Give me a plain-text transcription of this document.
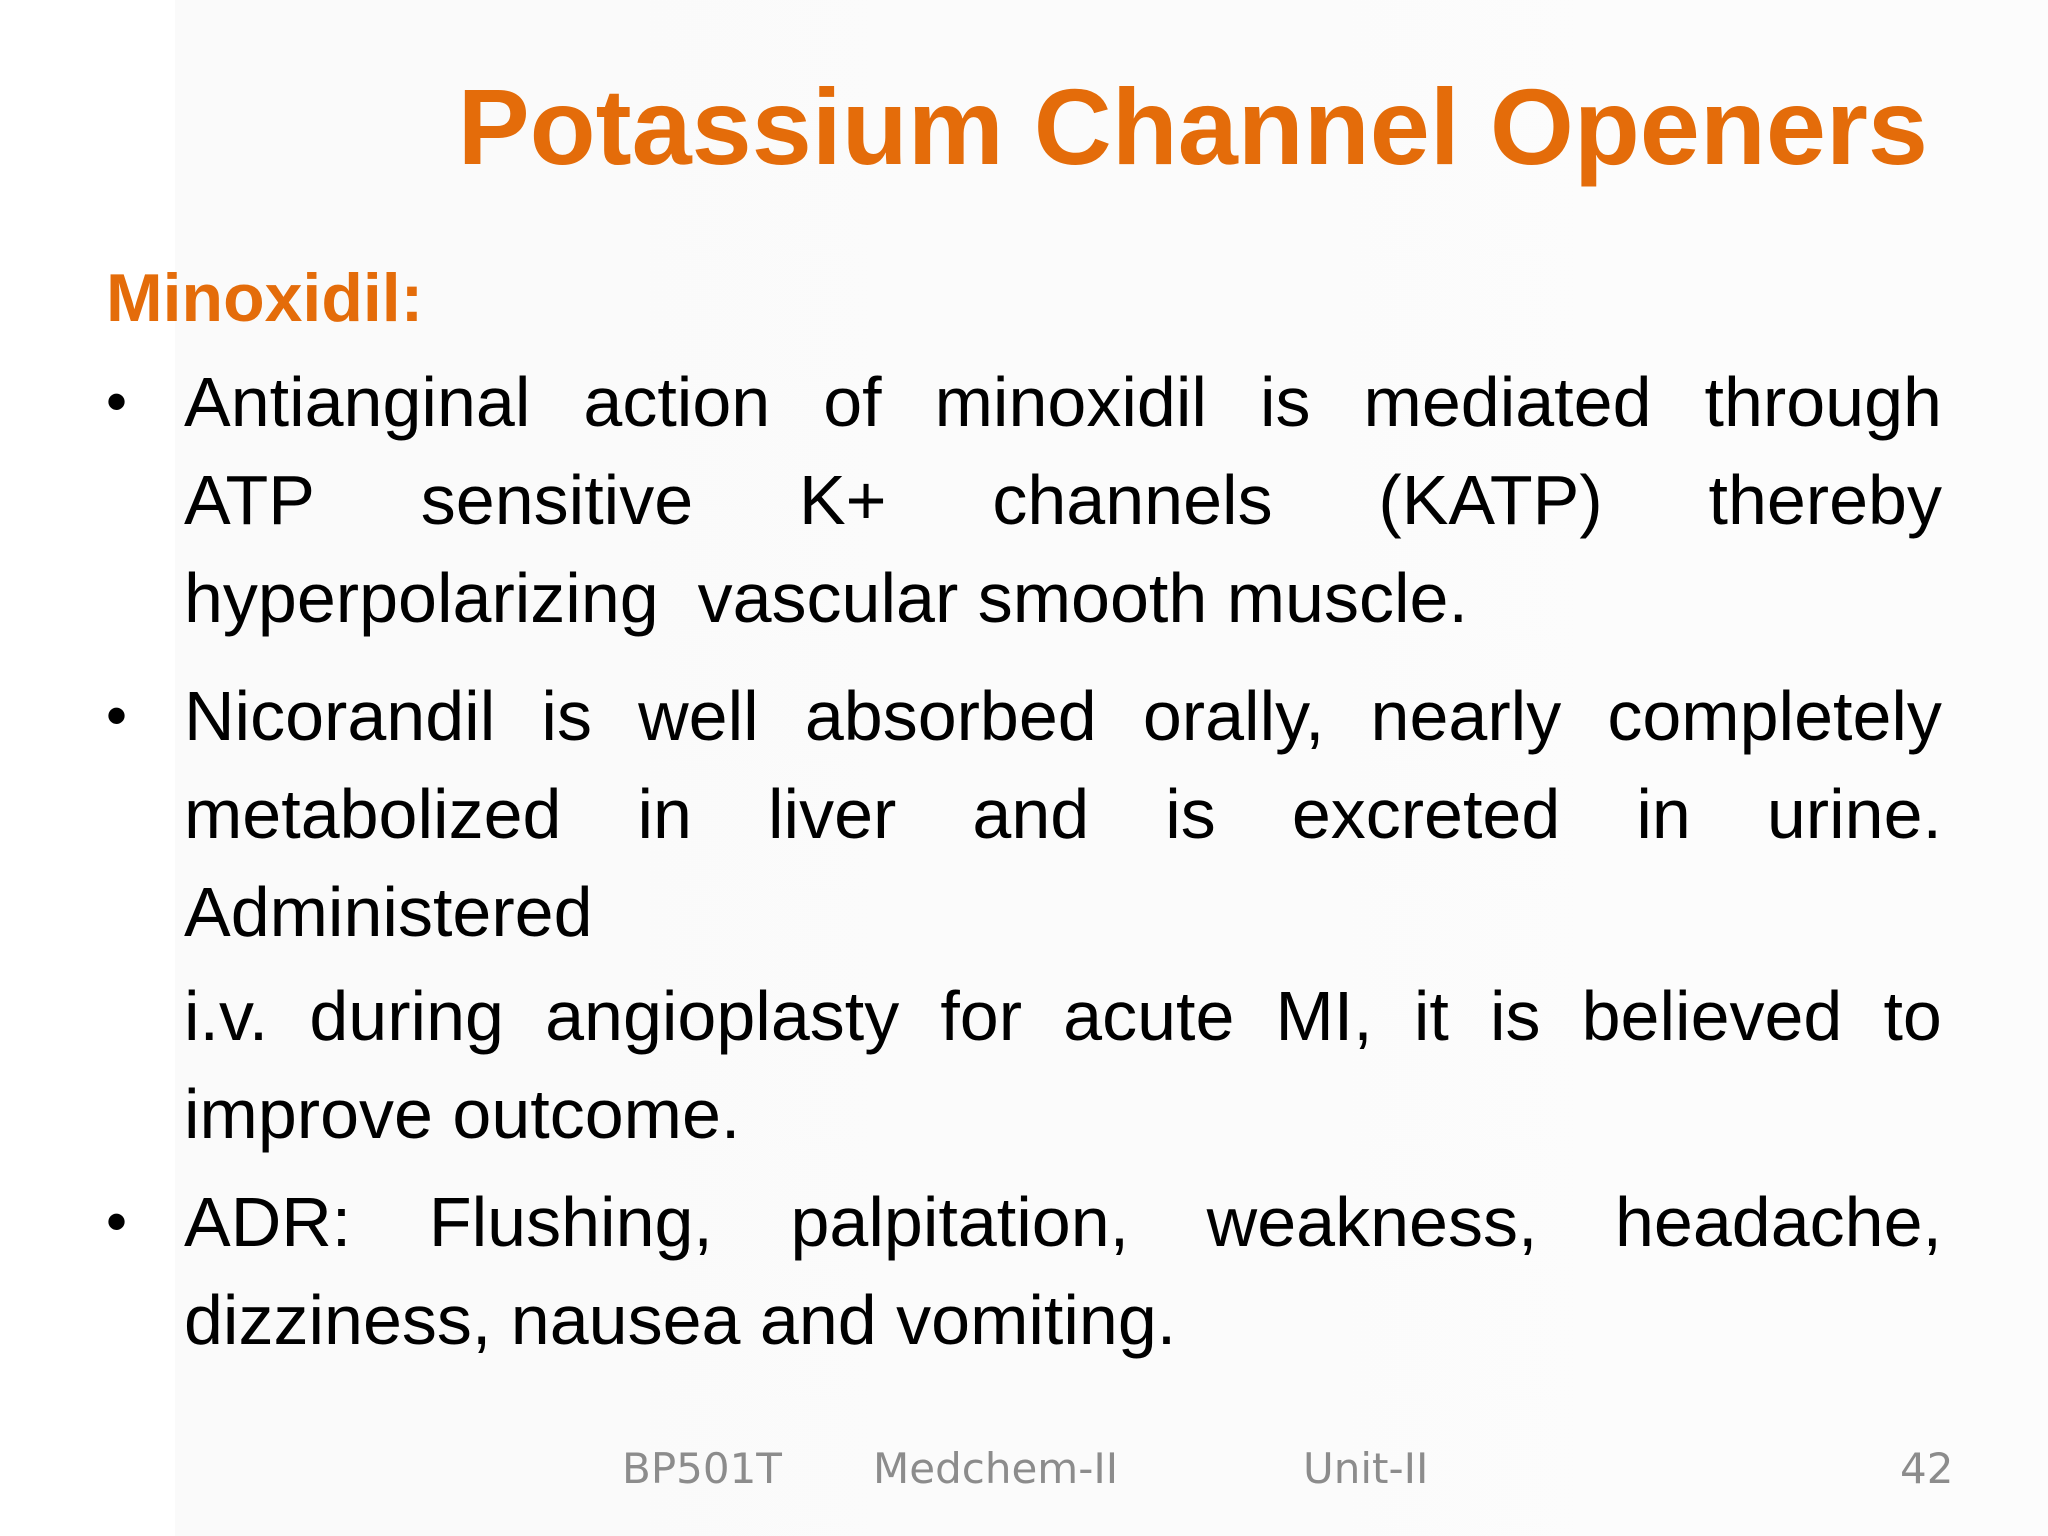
Potassium Channel Openers
Minoxidil:
• Antianginal action of minoxidil is mediated through
ATP sensitive K+ channels (KATP) thereby
hyperpolarizing  vascular smooth muscle.
• Nicorandil is well absorbed orally, nearly completely
metabolized in liver and is excreted in urine.
Administered
i.v. during angioplasty for acute MI, it is believed to
improve outcome.
• ADR: Flushing, palpitation, weakness, headache,
dizziness, nausea and vomiting.
BP501T Medchem-II	Unit-II	42
